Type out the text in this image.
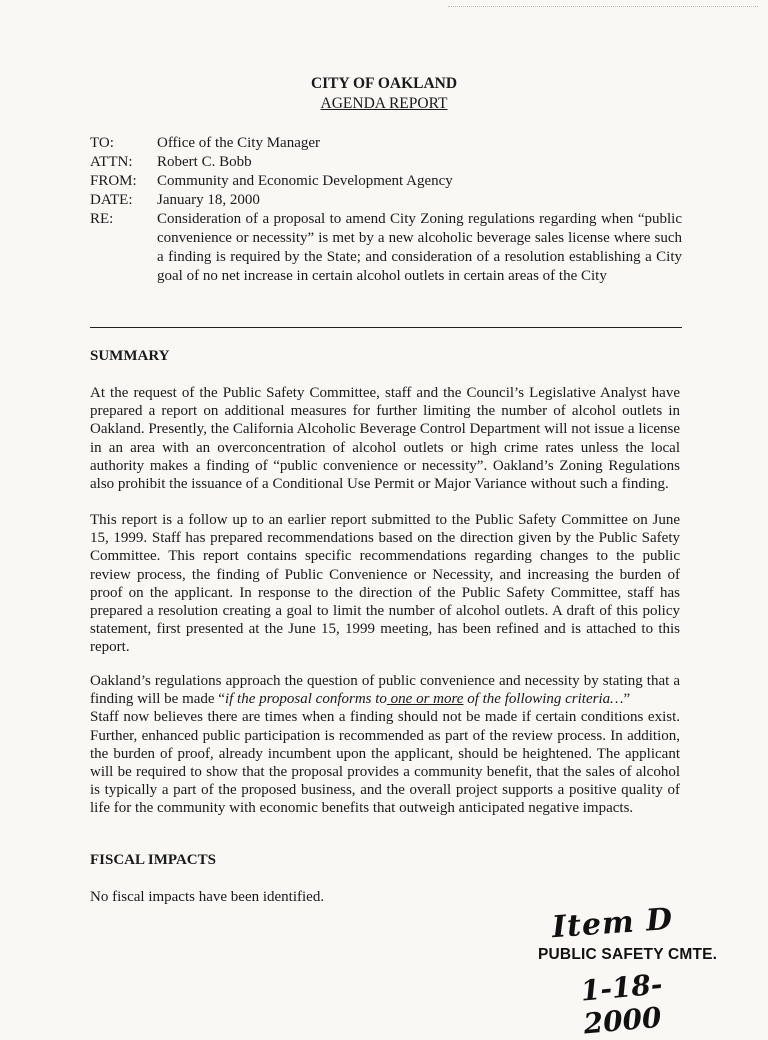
CITY OF OAKLAND
AGENDA REPORT
TO:	Office of the City Manager
ATTN:	Robert C. Bobb
FROM:	Community and Economic Development Agency
DATE:	January 18, 2000
RE:	Consideration of a proposal to amend City Zoning regulations regarding when “public convenience or necessity” is met by a new alcoholic beverage sales license where such a finding is required by the State; and consideration of a resolution establishing a City goal of no net increase in certain alcohol outlets in certain areas of the City
SUMMARY
At the request of the Public Safety Committee, staff and the Council’s Legislative Analyst have prepared a report on additional measures for further limiting the number of alcohol outlets in Oakland. Presently, the California Alcoholic Beverage Control Department will not issue a license in an area with an overconcentration of alcohol outlets or high crime rates unless the local authority makes a finding of “public convenience or necessity”. Oakland’s Zoning Regulations also prohibit the issuance of a Conditional Use Permit or Major Variance without such a finding.
This report is a follow up to an earlier report submitted to the Public Safety Committee on June 15, 1999. Staff has prepared recommendations based on the direction given by the Public Safety Committee. This report contains specific recommendations regarding changes to the public review process, the finding of Public Convenience or Necessity, and increasing the burden of proof on the applicant. In response to the direction of the Public Safety Committee, staff has prepared a resolution creating a goal to limit the number of alcohol outlets. A draft of this policy statement, first presented at the June 15, 1999 meeting, has been refined and is attached to this report.
Oakland’s regulations approach the question of public convenience and necessity by stating that a finding will be made “if the proposal conforms to one or more of the following criteria…”
Staff now believes there are times when a finding should not be made if certain conditions exist. Further, enhanced public participation is recommended as part of the review process. In addition, the burden of proof, already incumbent upon the applicant, should be heightened. The applicant will be required to show that the proposal provides a community benefit, that the sales of alcohol is typically a part of the proposed business, and the overall project supports a positive quality of life for the community with economic benefits that outweigh anticipated negative impacts.
FISCAL IMPACTS
No fiscal impacts have been identified.
Item D
PUBLIC SAFETY CMTE.
1-18-2000
